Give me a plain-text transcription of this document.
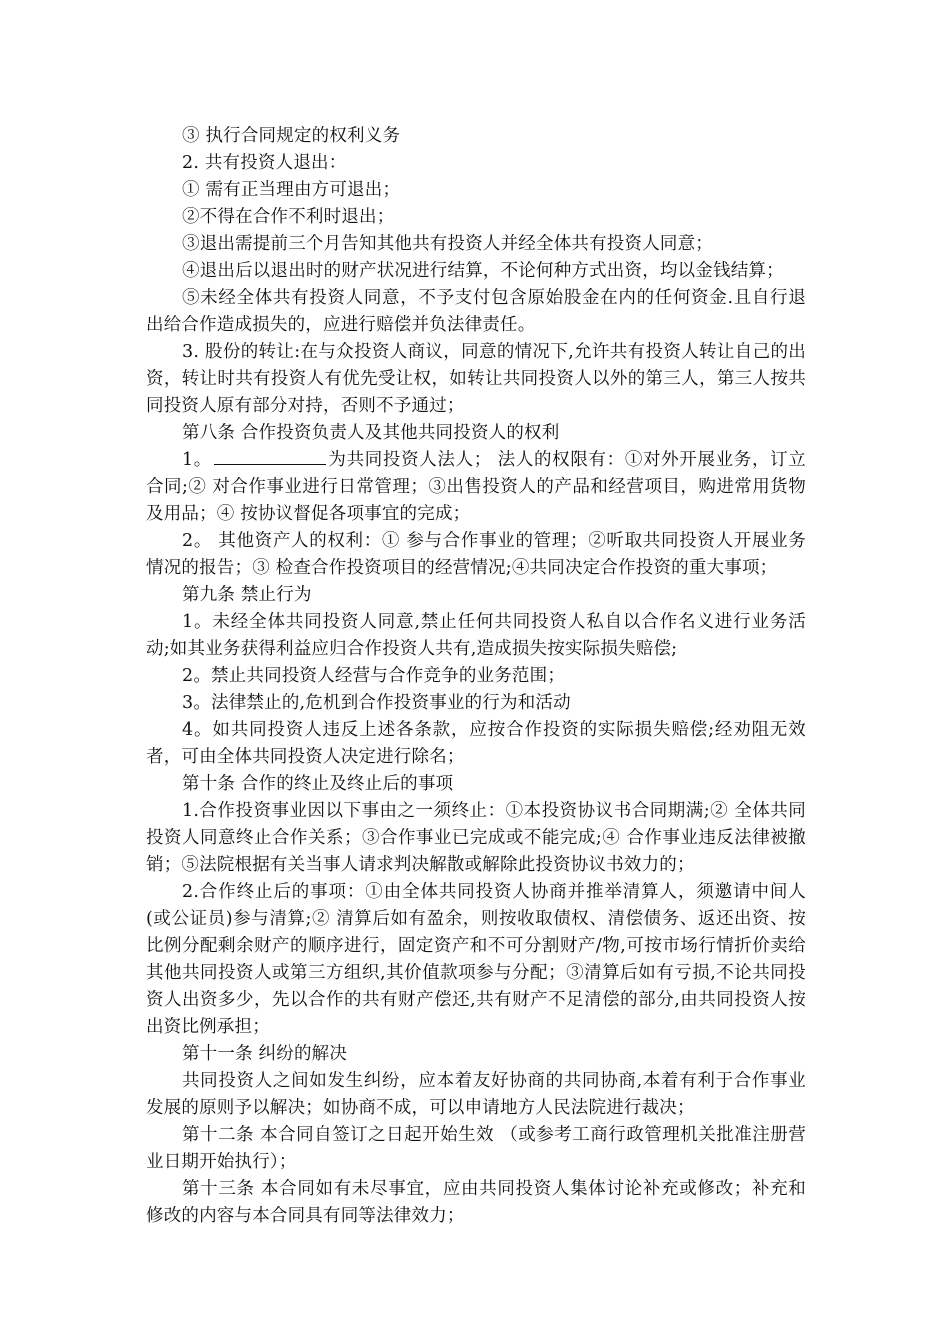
③ 执行合同规定的权利义务

2. 共有投资人退出：

① 需有正当理由方可退出；

②不得在合作不利时退出；

③退出需提前三个月告知其他共有投资人并经全体共有投资人同意；

④退出后以退出时的财产状况进行结算，不论何种方式出资，均以金钱结算；

⑤未经全体共有投资人同意，不予支付包含原始股金在内的任何资金.且自行退出给合作造成损失的，应进行赔偿并负法律责任。

3. 股份的转让:在与众投资人商议，同意的情况下,允许共有投资人转让自己的出资，转让时共有投资人有优先受让权，如转让共同投资人以外的第三人，第三人按共同投资人原有部分对持，否则不予通过；

第八条 合作投资负责人及其他共同投资人的权利

1。	为共同投资人法人； 法人的权限有：①对外开展业务，订立合同;② 对合作事业进行日常管理；③出售投资人的产品和经营项目，购进常用货物及用品；④ 按协议督促各项事宜的完成；

2。 其他资产人的权利：① 参与合作事业的管理；②听取共同投资人开展业务情况的报告；③ 检查合作投资项目的经营情况;④共同决定合作投资的重大事项；

第九条 禁止行为

1。未经全体共同投资人同意,禁止任何共同投资人私自以合作名义进行业务活动;如其业务获得利益应归合作投资人共有,造成损失按实际损失赔偿;

2。禁止共同投资人经营与合作竞争的业务范围；

3。法律禁止的,危机到合作投资事业的行为和活动

4。如共同投资人违反上述各条款，应按合作投资的实际损失赔偿;经劝阻无效者，可由全体共同投资人决定进行除名；

第十条 合作的终止及终止后的事项

1.合作投资事业因以下事由之一须终止：①本投资协议书合同期满;② 全体共同投资人同意终止合作关系；③合作事业已完成或不能完成;④ 合作事业违反法律被撤销；⑤法院根据有关当事人请求判决解散或解除此投资协议书效力的；

2.合作终止后的事项：①由全体共同投资人协商并推举清算人，须邀请中间人(或公证员)参与清算;② 清算后如有盈余，则按收取债权、清偿债务、返还出资、按比例分配剩余财产的顺序进行，固定资产和不可分割财产/物,可按市场行情折价卖给其他共同投资人或第三方组织,其价值款项参与分配；③清算后如有亏损,不论共同投资人出资多少，先以合作的共有财产偿还,共有财产不足清偿的部分,由共同投资人按出资比例承担；

第十一条 纠纷的解决

共同投资人之间如发生纠纷，应本着友好协商的共同协商,本着有利于合作事业发展的原则予以解决；如协商不成，可以申请地方人民法院进行裁决；

第十二条 本合同自签订之日起开始生效 （或参考工商行政管理机关批准注册营业日期开始执行）；

第十三条 本合同如有未尽事宜，应由共同投资人集体讨论补充或修改；补充和修改的内容与本合同具有同等法律效力；
